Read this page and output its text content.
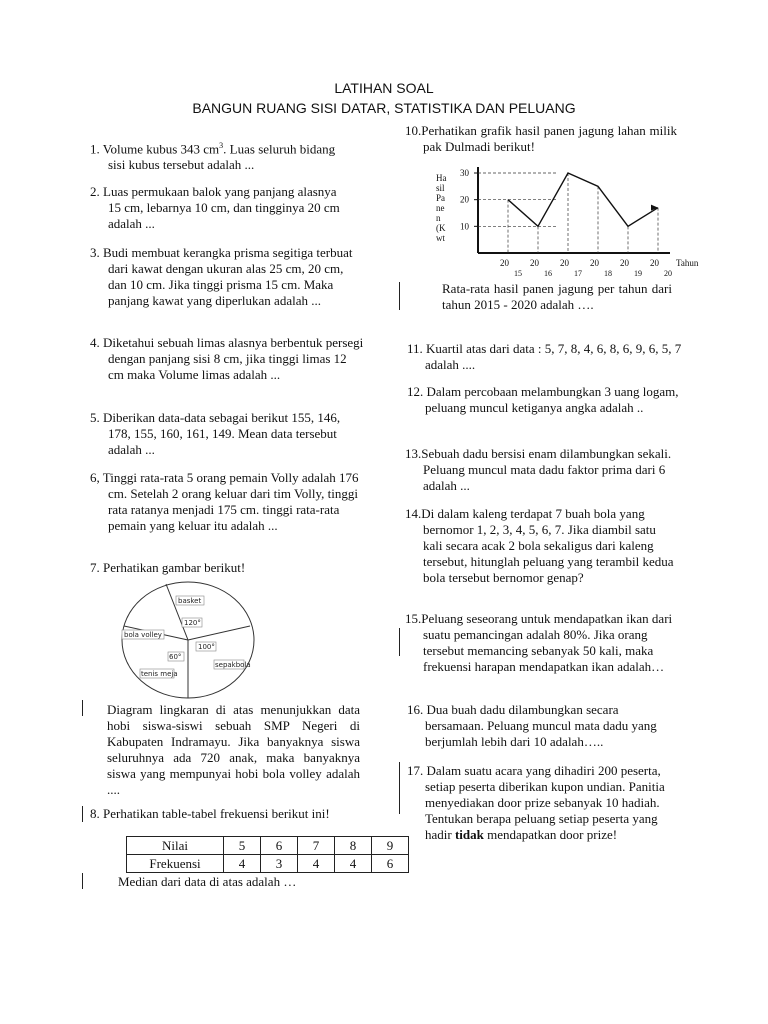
LATIHAN SOAL
BANGUN RUANG SISI DATAR, STATISTIKA DAN PELUANG
1. Volume kubus 343 $cm^3$. Luas seluruh bidang sisi kubus tersebut adalah ...
2. Luas permukaan balok yang panjang alasnya 15 cm, lebarnya 10 cm, dan tingginya 20 cm adalah ...
3. Budi membuat kerangka prisma segitiga terbuat dari kawat dengan ukuran alas 25 cm, 20 cm, dan 10 cm. Jika tinggi prisma 15 cm. Maka panjang kawat yang diperlukan adalah ...
4. Diketahui sebuah limas alasnya berbentuk persegi dengan panjang sisi 8 cm, jika tinggi limas 12 cm maka Volume limas adalah ...
5. Diberikan data-data sebagai berikut 155, 146, 178, 155, 160, 161, 149. Mean data tersebut adalah ...
6, Tinggi rata-rata 5 orang pemain Volly adalah 176 cm. Setelah 2 orang keluar dari tim Volly, tinggi rata ratanya menjadi 175 cm. tinggi rata-rata pemain yang keluar itu adalah ...
7. Perhatikan gambar berikut!
basket
120°
bola volley
100°
60°
sepakbola
tenis meja
Diagram lingkaran di atas menunjukkan data hobi siswa-siswi sebuah SMP Negeri di Kabupaten Indramayu. Jika banyaknya siswa seluruhnya ada 720 anak, maka banyaknya siswa yang mempunyai hobi bola volley adalah ....
8. Perhatikan table-tabel frekuensi berikut ini!
Nilai	5	6	7	8	9
Frekuensi	4	3	4	4	6
Median dari data di atas adalah …
10.Perhatikan grafik hasil panen jagung lahan milik pak Dulmadi berikut!
Ha sil Pa ne n (K wt
Tahun
30
20
10
20
15
20
16
20
17
20
18
20
19
20
20
Rata-rata hasil panen jagung per tahun dari tahun 2015 - 2020 adalah ….
11. Kuartil atas dari data : 5, 7, 8, 4, 6, 8, 6, 9, 6, 5, 7 adalah ....
12. Dalam percobaan melambungkan 3 uang logam, peluang muncul ketiganya angka adalah ..
13.Sebuah dadu bersisi enam dilambungkan sekali. Peluang muncul mata dadu faktor prima dari 6 adalah ...
14.Di dalam kaleng terdapat 7 buah bola yang bernomor 1, 2, 3, 4, 5, 6, 7. Jika diambil satu kali secara acak 2 bola sekaligus dari kaleng tersebut, hitunglah peluang yang terambil kedua bola tersebut bernomor genap?
15.Peluang seseorang untuk mendapatkan ikan dari suatu pemancingan adalah 80%. Jika orang tersebut memancing sebanyak 50 kali, maka frekuensi harapan mendapatkan ikan adalah…
16. Dua buah dadu dilambungkan secara bersamaan. Peluang muncul mata dadu yang berjumlah lebih dari 10 adalah…..
17. Dalam suatu acara yang dihadiri 200 peserta, setiap peserta diberikan kupon undian. Panitia menyediakan door prize sebanyak 10 hadiah. Tentukan berapa peluang setiap peserta yang hadir tidak mendapatkan door prize!
